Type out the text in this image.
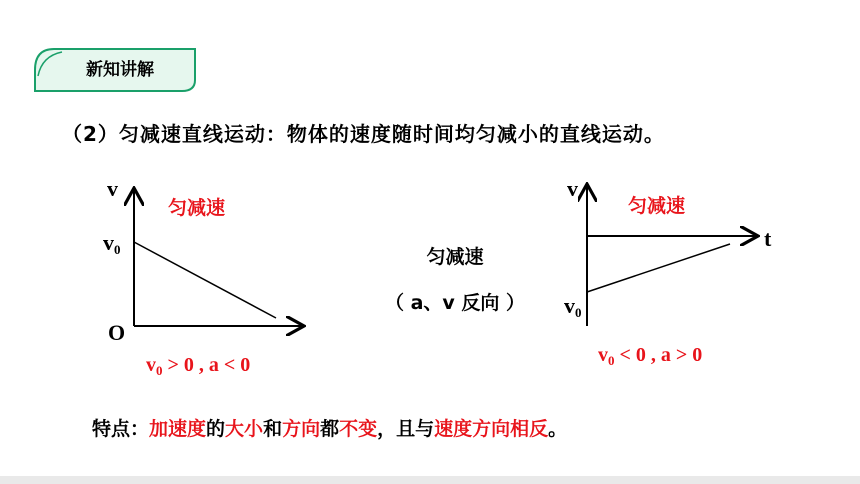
新知讲解
（2）匀减速直线运动：物体的速度随时间均匀减小的直线运动。
v
$v_0$
O
匀减速
$v_0 > 0$ , a < 0
匀减速
（ a、v 反向 ）
v
t
$v_0$
匀减速
$v_0 < 0$ , a > 0
特点：加速度的大小和方向都不变，且与速度方向相反。
